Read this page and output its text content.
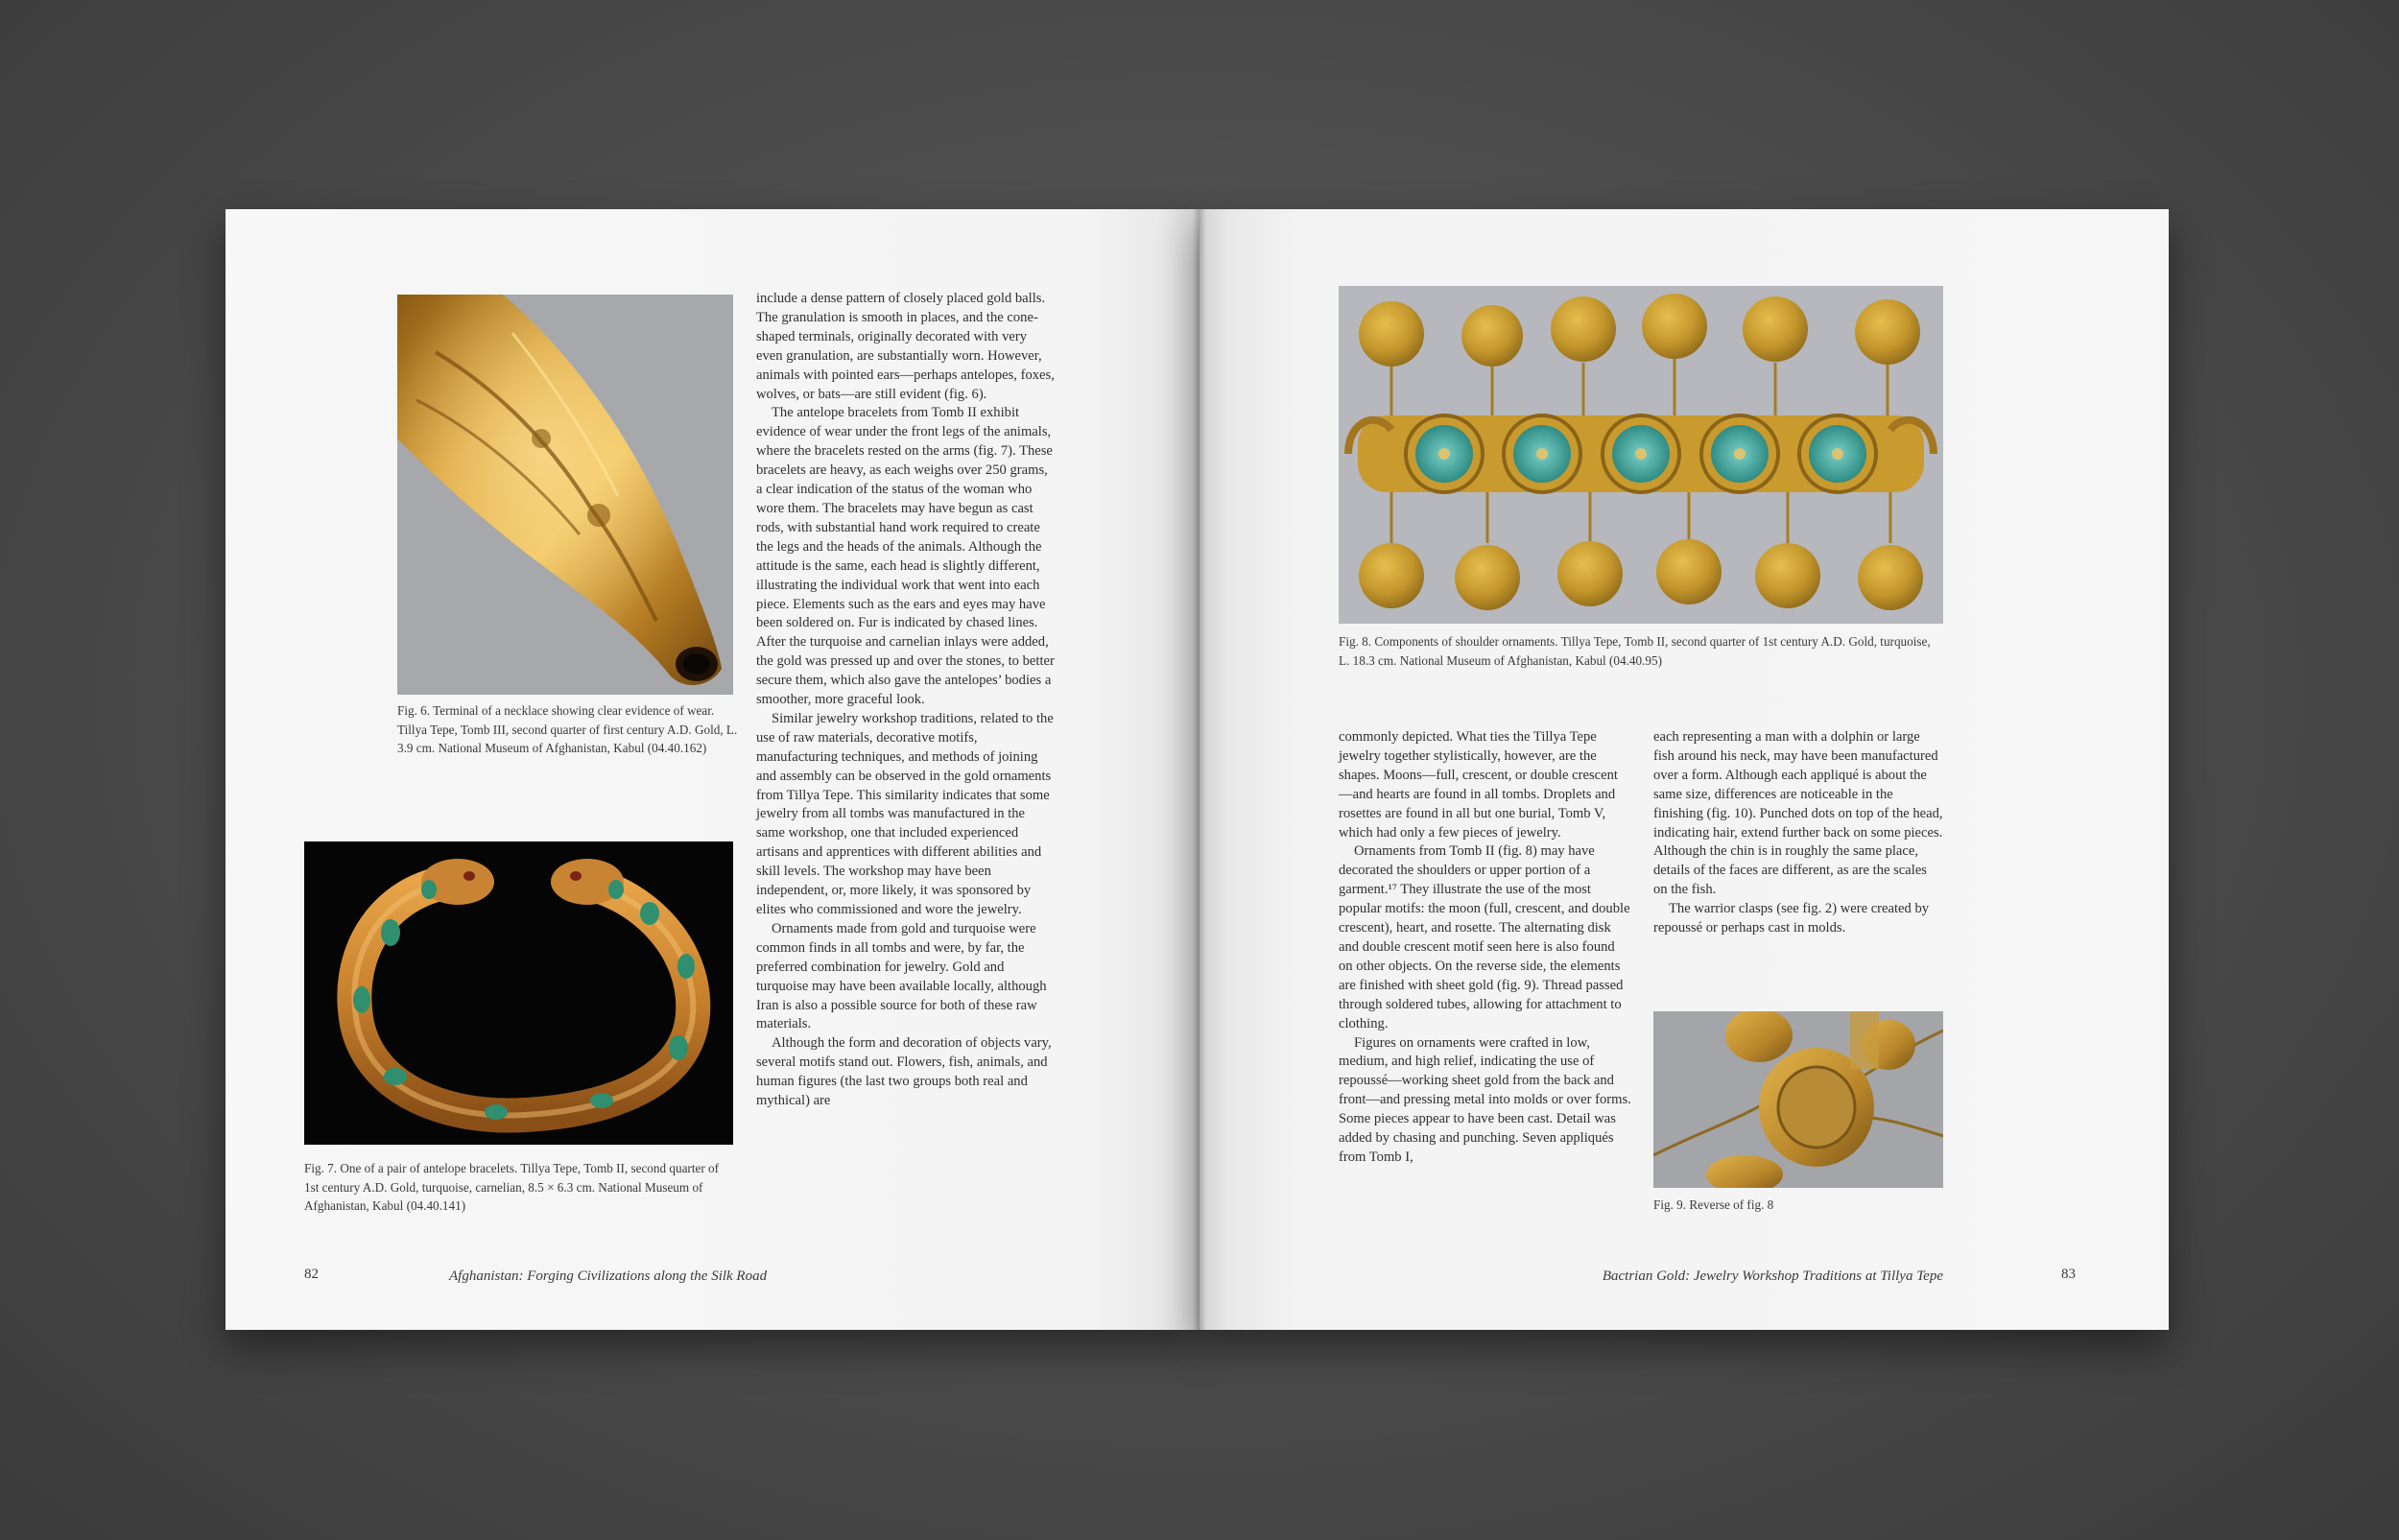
Fig. 6. Terminal of a necklace showing clear evidence of wear. Tillya Tepe, Tomb III, second quarter of first century A.D. Gold, L. 3.9 cm. National Museum of Afghanistan, Kabul (04.40.162)

Fig. 7. One of a pair of antelope bracelets. Tillya Tepe, Tomb II, second quarter of 1st century A.D. Gold, turquoise, carnelian, 8.5 × 6.3 cm. National Museum of Afghanistan, Kabul (04.40.141)

include a dense pattern of closely placed gold balls. The granulation is smooth in places, and the cone-shaped terminals, originally decorated with very even granulation, are substantially worn. However, animals with pointed ears—perhaps antelopes, foxes, wolves, or bats—are still evident (fig. 6).

The antelope bracelets from Tomb II exhibit evidence of wear under the front legs of the animals, where the bracelets rested on the arms (fig. 7). These bracelets are heavy, as each weighs over 250 grams, a clear indication of the status of the woman who wore them. The bracelets may have begun as cast rods, with substantial hand work required to create the legs and the heads of the animals. Although the attitude is the same, each head is slightly different, illustrating the individual work that went into each piece. Elements such as the ears and eyes may have been soldered on. Fur is indicated by chased lines. After the turquoise and carnelian inlays were added, the gold was pressed up and over the stones, to better secure them, which also gave the antelopes’ bodies a smoother, more graceful look.

Similar jewelry workshop traditions, related to the use of raw materials, decorative motifs, manufacturing techniques, and methods of joining and assembly can be observed in the gold ornaments from Tillya Tepe. This similarity indicates that some jewelry from all tombs was manufactured in the same workshop, one that included experienced artisans and apprentices with different abilities and skill levels. The workshop may have been independent, or, more likely, it was sponsored by elites who commissioned and wore the jewelry.

Ornaments made from gold and turquoise were common finds in all tombs and were, by far, the preferred combination for jewelry. Gold and turquoise may have been available locally, although Iran is also a possible source for both of these raw materials.

Although the form and decoration of objects vary, several motifs stand out. Flowers, fish, animals, and human figures (the last two groups both real and mythical) are

82	Afghanistan: Forging Civilizations along the Silk Road

Fig. 8. Components of shoulder ornaments. Tillya Tepe, Tomb II, second quarter of 1st century A.D. Gold, turquoise, L. 18.3 cm. National Museum of Afghanistan, Kabul (04.40.95)

commonly depicted. What ties the Tillya Tepe jewelry together stylistically, however, are the shapes. Moons—full, crescent, or double crescent—and hearts are found in all tombs. Droplets and rosettes are found in all but one burial, Tomb V, which had only a few pieces of jewelry.

Ornaments from Tomb II (fig. 8) may have decorated the shoulders or upper portion of a garment.¹⁷ They illustrate the use of the most popular motifs: the moon (full, crescent, and double crescent), heart, and rosette. The alternating disk and double crescent motif seen here is also found on other objects. On the reverse side, the elements are finished with sheet gold (fig. 9). Thread passed through soldered tubes, allowing for attachment to clothing.

Figures on ornaments were crafted in low, medium, and high relief, indicating the use of repoussé—working sheet gold from the back and front—and pressing metal into molds or over forms. Some pieces appear to have been cast. Detail was added by chasing and punching. Seven appliqués from Tomb I,

each representing a man with a dolphin or large fish around his neck, may have been manufactured over a form. Although each appliqué is about the same size, differences are noticeable in the finishing (fig. 10). Punched dots on top of the head, indicating hair, extend further back on some pieces. Although the chin is in roughly the same place, details of the faces are different, as are the scales on the fish.

The warrior clasps (see fig. 2) were created by repoussé or perhaps cast in molds.

Fig. 9. Reverse of fig. 8

Bactrian Gold: Jewelry Workshop Traditions at Tillya Tepe	83
